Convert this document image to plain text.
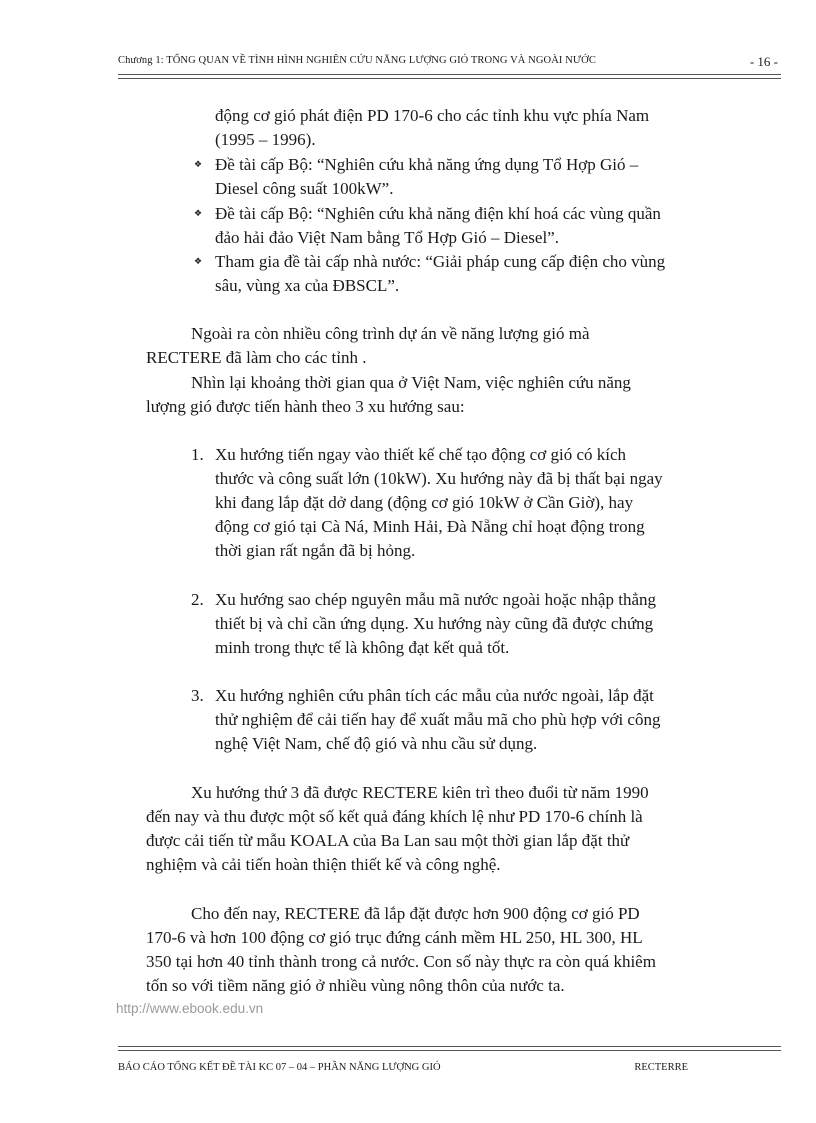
Chương 1: TỔNG QUAN VỀ TÌNH HÌNH NGHIÊN CỨU NĂNG LƯỢNG GIÓ TRONG VÀ NGOÀI NƯỚC	- 16 -
động cơ gió phát điện PD 170-6 cho các tỉnh khu vực phía Nam
(1995 – 1996).
❖ Đề tài cấp Bộ: “Nghiên cứu khả năng ứng dụng Tổ Hợp Gió –
Diesel công suất 100kW”.
❖ Đề tài cấp Bộ: “Nghiên cứu khả năng điện khí hoá các vùng quần
đảo hải đảo Việt Nam bằng Tổ Hợp Gió – Diesel”.
❖ Tham gia đề tài cấp nhà nước: “Giải pháp cung cấp điện cho vùng
sâu, vùng xa của ĐBSCL”.
Ngoài ra còn nhiều công trình dự án về năng lượng gió mà
RECTERE đã làm cho các tỉnh .
Nhìn lại khoảng thời gian qua ở Việt Nam, việc nghiên cứu năng
lượng gió được tiến hành theo 3 xu hướng sau:
1. Xu hướng tiến ngay vào thiết kế chế tạo động cơ gió có kích
thước và công suất lớn (10kW). Xu hướng này đã bị thất bại ngay
khi đang lắp đặt dở dang (động cơ gió 10kW ở Cần Giờ), hay
động cơ gió tại Cà Ná, Minh Hải, Đà Nẵng chỉ hoạt động trong
thời gian rất ngắn đã bị hỏng.
2. Xu hướng sao chép nguyên mẫu mã nước ngoài hoặc nhập thẳng
thiết bị và chỉ cần ứng dụng. Xu hướng này cũng đã được chứng
minh trong thực tế là không đạt kết quả tốt.
3. Xu hướng nghiên cứu phân tích các mẫu của nước ngoài, lắp đặt
thử nghiệm để cải tiến hay để xuất mẫu mã cho phù hợp với công
nghệ Việt Nam, chế độ gió và nhu cầu sử dụng.
Xu hướng thứ 3 đã được RECTERE kiên trì theo đuổi từ năm 1990
đến nay và thu được một số kết quả đáng khích lệ như PD 170-6 chính là
được cải tiến từ mẫu KOALA của Ba Lan sau một thời gian lắp đặt thử
nghiệm và cải tiến hoàn thiện thiết kế và công nghệ.
Cho đến nay, RECTERE đã lắp đặt được hơn 900 động cơ gió PD
170-6 và hơn 100 động cơ gió trục đứng cánh mềm HL 250, HL 300, HL
350 tại hơn 40 tỉnh thành trong cả nước. Con số này thực ra còn quá khiêm
tốn so với tiềm năng gió ở nhiều vùng nông thôn của nước ta.
http://www.ebook.edu.vn
BÁO CÁO TỔNG KẾT ĐỀ TÀI KC 07 – 04 – PHẦN NĂNG LƯỢNG GIÓ	RECTERRE
